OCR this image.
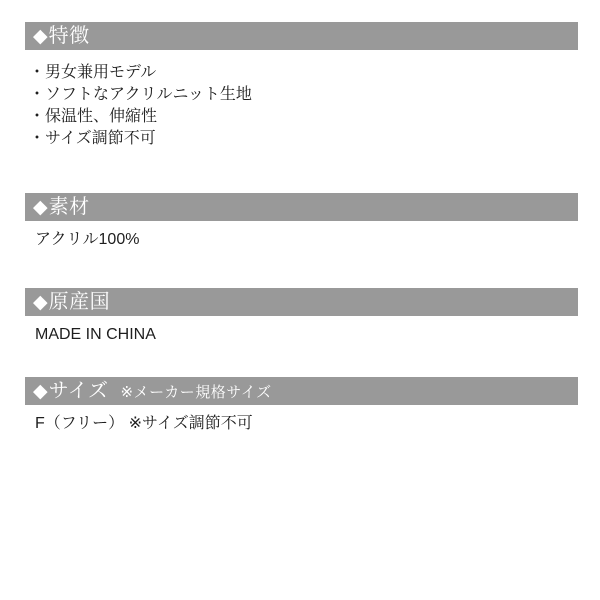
◆ 特徴
・男女兼用モデル
・ソフトなアクリルニット生地
・保温性、伸縮性
・サイズ調節不可
◆ 素材
アクリル100%
◆ 原産国
MADE IN CHINA
◆ サイズ ※メーカー規格サイズ
F（フリー） ※サイズ調節不可
